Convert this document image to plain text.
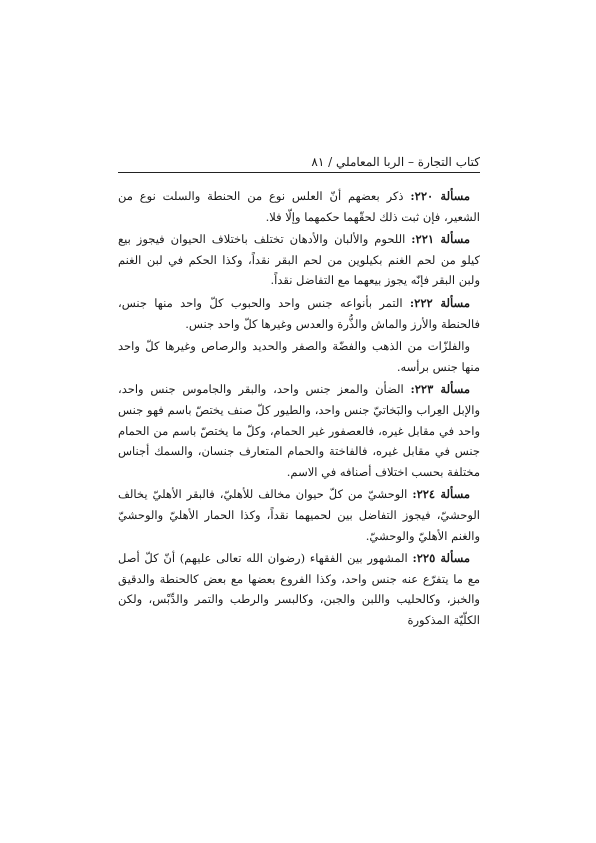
كتاب التجارة – الربا المعاملي / ٨١

مسألة ٢٢٠: ذكر بعضهم أنّ العلس نوع من الحنطة والسلت نوع من الشعير، فإن ثبت ذلك لحقّهما حكمهما وإلّا فلا.

مسألة ٢٢١: اللحوم والألبان والأدهان تختلف باختلاف الحيوان فيجوز بيع كيلو من لحم الغنم بكيلوين من لحم البقر نقداً، وكذا الحكم في لبن الغنم ولبن البقر فإنّه يجوز بيعهما مع التفاضل نقداً.

مسألة ٢٢٢: التمر بأنواعه جنس واحد والحبوب كلّ واحد منها جنس، فالحنطة والأرز والماش والذُّرة والعدس وغيرها كلّ واحد جنس.

والفلزّات من الذهب والفضّة والصفر والحديد والرصاص وغيرها كلّ واحد منها جنس برأسه.

مسألة ٢٢٣: الضأن والمعز جنس واحد، والبقر والجاموس جنس واحد، والإبل العِراب والبَخاتيّ جنس واحد، والطيور كلّ صنف يختصّ باسم فهو جنس واحد في مقابل غيره، فالعصفور غير الحمام، وكلّ ما يختصّ باسم من الحمام جنس في مقابل غيره، فالفاختة والحمام المتعارف جنسان، والسمك أجناس مختلفة بحسب اختلاف أصنافه في الاسم.

مسألة ٢٢٤: الوحشيّ من كلّ حيوان مخالف للأهليّ، فالبقر الأهليّ يخالف الوحشيّ، فيجوز التفاضل بين لحميهما نقداً، وكذا الحمار الأهليّ والوحشيّ والغنم الأهليّ والوحشيّ.

مسألة ٢٢٥: المشهور بين الفقهاء (رضوان الله تعالى عليهم) أنّ كلّ أصل مع ما يتفرّع عنه جنس واحد، وكذا الفروع بعضها مع بعض كالحنطة والدقيق والخبز، وكالحليب واللبن والجبن، وكالبسر والرطب والتمر والدِّبْس، ولكن الكلّيّة المذكورة
